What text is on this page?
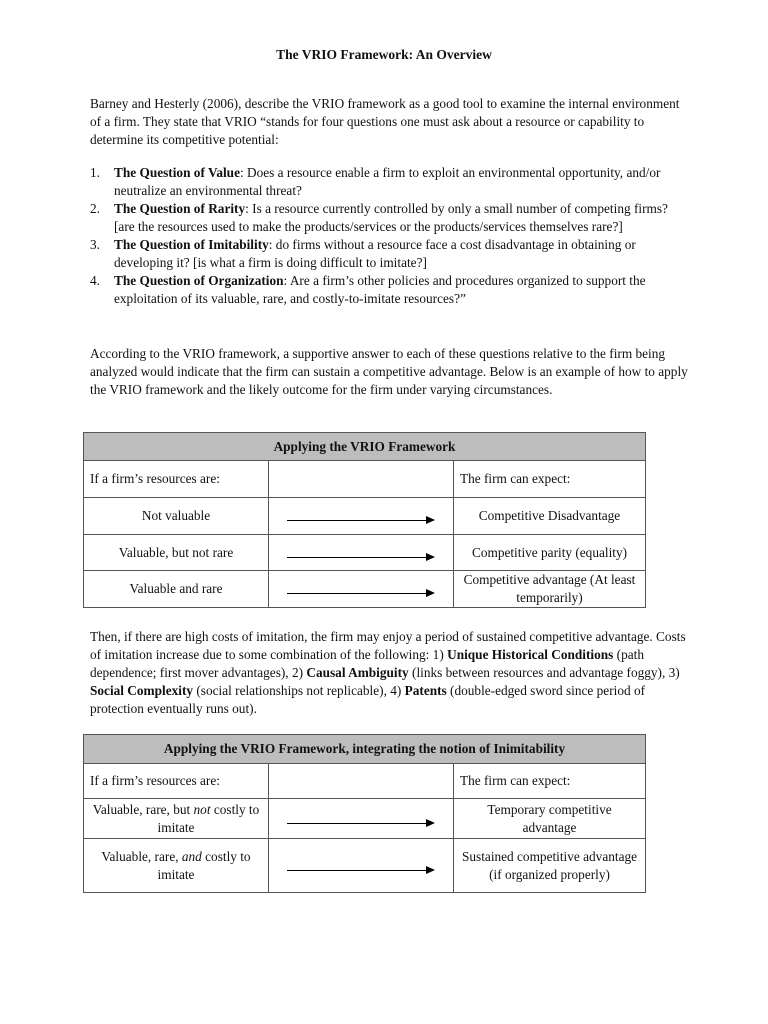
The VRIO Framework: An Overview
Barney and Hesterly (2006), describe the VRIO framework as a good tool to examine the internal environment of a firm. They state that VRIO “stands for four questions one must ask about a resource or capability to determine its competitive potential:
1. The Question of Value: Does a resource enable a firm to exploit an environmental opportunity, and/or neutralize an environmental threat?
2. The Question of Rarity: Is a resource currently controlled by only a small number of competing firms? [are the resources used to make the products/services or the products/services themselves rare?]
3. The Question of Imitability: do firms without a resource face a cost disadvantage in obtaining or developing it? [is what a firm is doing difficult to imitate?]
4. The Question of Organization: Are a firm’s other policies and procedures organized to support the exploitation of its valuable, rare, and costly-to-imitate resources?”
According to the VRIO framework, a supportive answer to each of these questions relative to the firm being analyzed would indicate that the firm can sustain a competitive advantage. Below is an example of how to apply the VRIO framework and the likely outcome for the firm under varying circumstances.
Applying the VRIO Framework		
If a firm’s resources are:		The firm can expect:
Not valuable		Competitive Disadvantage
Valuable, but not rare		Competitive parity (equality)
Valuable and rare		Competitive advantage (At least temporarily)
Then, if there are high costs of imitation, the firm may enjoy a period of sustained competitive advantage. Costs of imitation increase due to some combination of the following: 1) Unique Historical Conditions (path dependence; first mover advantages), 2) Causal Ambiguity (links between resources and advantage foggy), 3) Social Complexity (social relationships not replicable), 4) Patents (double-edged sword since period of protection eventually runs out).
Applying the VRIO Framework, integrating the notion of Inimitability		
If a firm’s resources are:		The firm can expect:
Valuable, rare, but not costly to imitate		Temporary competitive advantage
Valuable, rare, and costly to imitate		Sustained competitive advantage (if organized properly)
